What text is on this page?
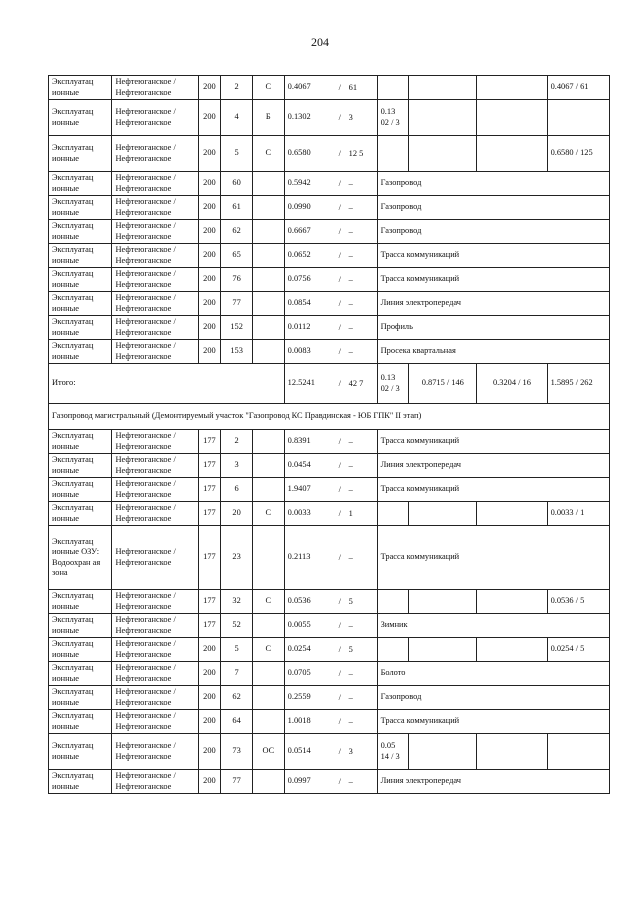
204
Эксплуатац ионные	Нефтеюганское / Нефтеюганское	200	2	С	0.4067 / 61				0.4067 / 61
Эксплуатац ионные	Нефтеюганское / Нефтеюганское	200	4	Б	0.1302 / 3	0.13 02 / 3			
Эксплуатац ионные	Нефтеюганское / Нефтеюганское	200	5	С	0.6580 / 12 5				0.6580 / 125
Эксплуатац ионные	Нефтеюганское / Нефтеюганское	200	60		0.5942 / –	Газопровод			
Эксплуатац ионные	Нефтеюганское / Нефтеюганское	200	61		0.0990 / –	Газопровод			
Эксплуатац ионные	Нефтеюганское / Нефтеюганское	200	62		0.6667 / –	Газопровод			
Эксплуатац ионные	Нефтеюганское / Нефтеюганское	200	65		0.0652 / –	Трасса коммуникаций			
Эксплуатац ионные	Нефтеюганское / Нефтеюганское	200	76		0.0756 / –	Трасса коммуникаций			
Эксплуатац ионные	Нефтеюганское / Нефтеюганское	200	77		0.0854 / –	Линия электропередач			
Эксплуатац ионные	Нефтеюганское / Нефтеюганское	200	152		0.0112 / –	Профиль			
Эксплуатац ионные	Нефтеюганское / Нефтеюганское	200	153		0.0083 / –	Просека квартальная			
Итого:					12.5241 / 42 7	0.13 02 / 3	0.8715 / 146	0.3204 / 16	1.5895 / 262
Газопровод магистральный (Демонтируемый участок "Газопровод КС Правдинская - ЮБ ГПК" II этап)									
Эксплуатац ионные	Нефтеюганское / Нефтеюганское	177	2		0.8391 / –	Трасса коммуникаций			
Эксплуатац ионные	Нефтеюганское / Нефтеюганское	177	3		0.0454 / –	Линия электропередач			
Эксплуатац ионные	Нефтеюганское / Нефтеюганское	177	6		1.9407 / –	Трасса коммуникаций			
Эксплуатац ионные	Нефтеюганское / Нефтеюганское	177	20	С	0.0033 / 1				0.0033 / 1
Эксплуатац ионные ОЗУ: Водоохран ая зона	Нефтеюганское / Нефтеюганское	177	23		0.2113 / –	Трасса коммуникаций			
Эксплуатац ионные	Нефтеюганское / Нефтеюганское	177	32	С	0.0536 / 5				0.0536 / 5
Эксплуатац ионные	Нефтеюганское / Нефтеюганское	177	52		0.0055 / –	Зимник			
Эксплуатац ионные	Нефтеюганское / Нефтеюганское	200	5	С	0.0254 / 5				0.0254 / 5
Эксплуатац ионные	Нефтеюганское / Нефтеюганское	200	7		0.0705 / –	Болото			
Эксплуатац ионные	Нефтеюганское / Нефтеюганское	200	62		0.2559 / –	Газопровод			
Эксплуатац ионные	Нефтеюганское / Нефтеюганское	200	64		1.0018 / –	Трасса коммуникаций			
Эксплуатац ионные	Нефтеюганское / Нефтеюганское	200	73	ОС	0.0514 / 3	0.05 14 / 3			
Эксплуатац ионные	Нефтеюганское / Нефтеюганское	200	77		0.0997 / –	Линия электропередач			
